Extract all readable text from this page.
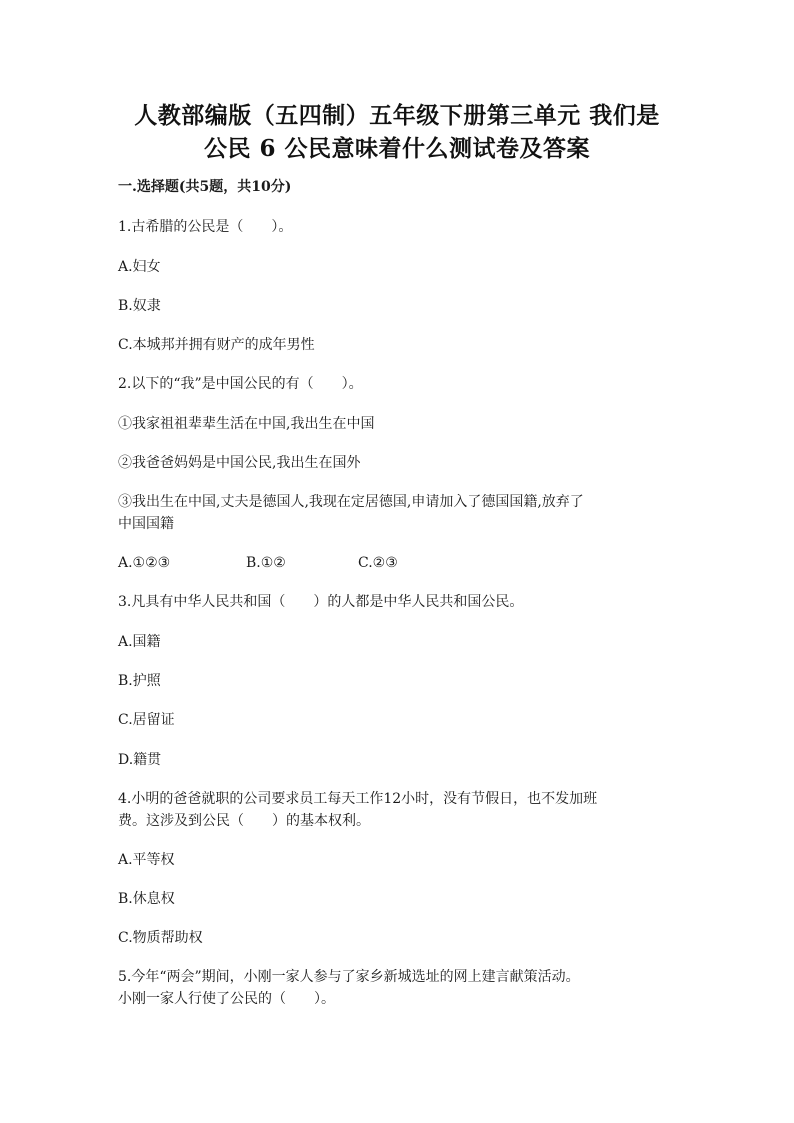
人教部编版（五四制）五年级下册第三单元 我们是
公民 6 公民意味着什么测试卷及答案
一.选择题(共5题，共10分)
1.古希腊的公民是（　　）。
A.妇女
B.奴隶
C.本城邦并拥有财产的成年男性
2.以下的“我”是中国公民的有（　　）。
①我家祖祖辈辈生活在中国,我出生在中国
②我爸爸妈妈是中国公民,我出生在国外
③我出生在中国,丈夫是德国人,我现在定居德国,申请加入了德国国籍,放弃了
中国国籍
A.①②③	B.①②	C.②③
3.凡具有中华人民共和国（　　）的人都是中华人民共和国公民。
A.国籍
B.护照
C.居留证
D.籍贯
4.小明的爸爸就职的公司要求员工每天工作12小时，没有节假日，也不发加班
费。这涉及到公民（　　）的基本权利。
A.平等权
B.休息权
C.物质帮助权
5.今年“两会”期间，小刚一家人参与了家乡新城选址的网上建言献策活动。
小刚一家人行使了公民的（　　）。
